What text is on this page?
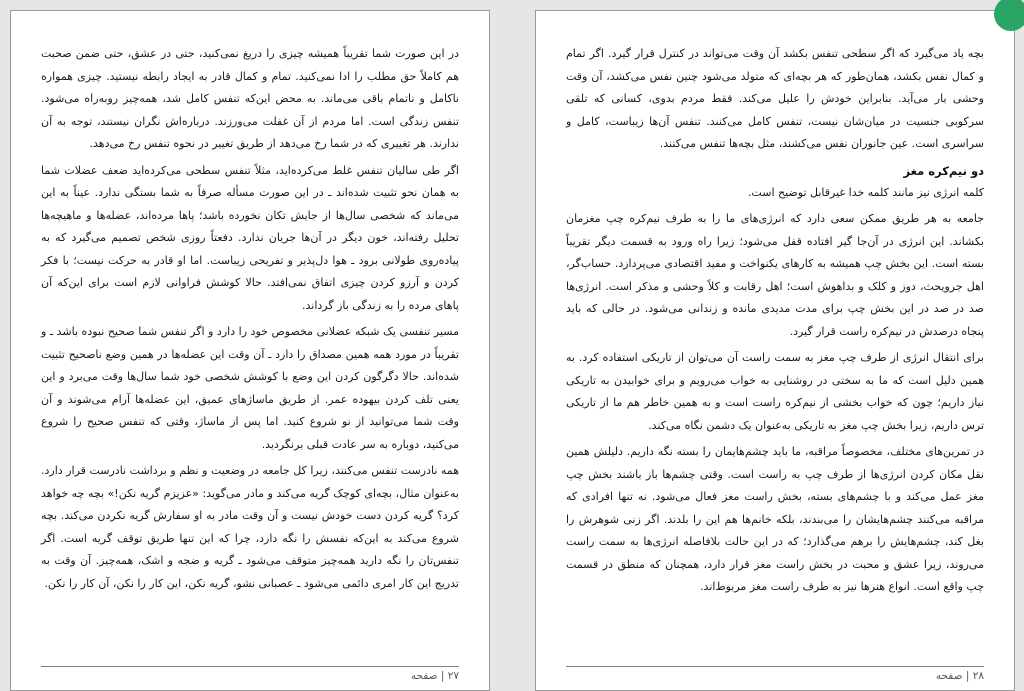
در این صورت شما تقریباً همیشه چیزی را دریغ نمی‌کنید، حتی در عشق، حتی ضمن صحبت هم کاملاً حق مطلب را ادا نمی‌کنید. تمام و کمال قادر به ایجاد رابطه نیستید. چیزی همواره ناکامل و ناتمام باقی می‌ماند. به محض این‌که تنفس کامل شد، همه‌چیز روبه‌راه می‌شود. تنفس زندگی است. اما مردم از آن غفلت می‌ورزند. درباره‌اش نگران نیستند، توجه به آن ندارند. هر تغییری که در شما رخ می‌دهد از طریق تغییر در نحوه تنفس رخ می‌دهد.

اگر طی سالیان تنفس غلط می‌کرده‌اید، مثلاً تنفس سطحی می‌کرده‌اید ضعف عضلات شما به همان نحو تثبیت شده‌اند ـ در این صورت مسأله صرفاً به شما بستگی ندارد. عیناً به این می‌ماند که شخصی سال‌ها از جایش تکان نخورده باشد؛ پاها مرده‌اند، عضله‌ها و ماهیچه‌ها تحلیل رفته‌اند، خون دیگر در آن‌ها جریان ندارد. دفعتاً روزی شخص تصمیم می‌گیرد که به پیاده‌روی طولانی برود ـ هوا دل‌پذیر و تفریحی زیباست. اما او قادر به حرکت نیست؛ با فکر کردن و آرزو کردن چیزی اتفاق نمی‌افتد. حالا کوشش فراوانی لازم است برای این‌که آن پاهای مرده را به زندگی باز گرداند.

مسیر تنفسی یک شبکه عضلانی مخصوص خود را دارد و اگر تنفس شما صحیح نبوده باشد ـ و تقریباً در مورد همه همین مصداق را دارد ـ آن وقت این عضله‌ها در همین وضع ناصحیح تثبیت شده‌اند. حالا دگرگون کردن این وضع با کوشش شخصی خود شما سال‌ها وقت می‌برد و این یعنی تلف کردن بیهوده عمر. از طریق ماساژهای عمیق، این عضله‌ها آرام می‌شوند و آن وقت شما می‌توانید از نو شروع کنید. اما پس از ماساژ، وقتی که تنفس صحیح را شروع می‌کنید، دوباره به سر عادت قبلی برنگردید.

همه نادرست تنفس می‌کنند، زیرا کل جامعه در وضعیت و نظم و برداشت نادرست قرار دارد. به‌عنوان مثال، بچه‌ای کوچک گریه می‌کند و مادر می‌گوید: «عزیزم گریه نکن!» بچه چه خواهد کرد؟ گریه کردن دست خودش نیست و آن وقت مادر به او سفارش گریه نکردن می‌کند. بچه شروع می‌کند به این‌که نفسش را نگه دارد، چرا که این تنها طریق توقف گریه است. اگر تنفس‌تان را نگه دارید همه‌چیز متوقف می‌شود ـ گریه و ضجه و اشک، همه‌چیز. آن وقت به تدریج این کار امری دائمی می‌شود ـ عصبانی نشو، گریه نکن، این کار را نکن، آن کار را نکن.

۲۷ | صفحه

بچه یاد می‌گیرد که اگر سطحی تنفس بکشد آن وقت می‌تواند در کنترل قرار گیرد. اگر تمام و کمال نفس بکشد، همان‌طور که هر بچه‌ای که متولد می‌شود چنین نفس می‌کشد، آن وقت وحشی بار می‌آید. بنابراین خودش را علیل می‌کند. فقط مردم بدوی، کسانی که تلقی سرکوبی جنسیت در میان‌شان نیست، تنفس کامل می‌کنند. تنفس آن‌ها زیباست، کامل و سراسری است. عین جانوران نفس می‌کشند، مثل بچه‌ها تنفس می‌کنند.

دو نیم‌کره مغز

کلمه انرژی نیز مانند کلمه خدا غیرقابل توضیح است.

جامعه به هر طریق ممکن سعی دارد که انرژی‌های ما را به طرف نیم‌کره چپ مغزمان بکشاند. این انرژی در آن‌جا گیر افتاده قفل می‌شود؛ زیرا راه ورود به قسمت دیگر تقریباً بسته است. این بخش چپ همیشه به کارهای یکنواخت و مفید اقتصادی می‌پردازد. حساب‌گر، اهل جرویحث، دوز و کلک و بداهوش است؛ اهل رقابت و کلاً وحشی و مذکر است. انرژی‌ها صد در صد در این بخش چپ برای مدت مدیدی مانده و زندانی می‌شود. در حالی که باید پنجاه درصدش در نیم‌کره راست قرار گیرد.

برای انتقال انرژی از طرف چپ مغز به سمت راست آن می‌توان از تاریکی استفاده کرد. به همین دلیل است که ما به سختی در روشنایی به خواب می‌رویم و برای خوابیدن به تاریکی نیاز داریم؛ چون که خواب بخشی از نیم‌کره راست است و به همین خاطر هم ما از تاریکی ترس داریم، زیرا بخش چپ مغز به تاریکی به‌عنوان یک دشمن نگاه می‌کند.

در تمرین‌های مختلف، مخصوصاً مراقبه، ما باید چشم‌هایمان را بسته نگه داریم. دلیلش همین نقل مکان کردن انرژی‌ها از طرف چپ به راست است. وقتی چشم‌ها باز باشند بخش چپ مغز عمل می‌کند و با چشم‌های بسته، بخش راست مغز فعال می‌شود. نه تنها افرادی که مراقبه می‌کنند چشم‌هایشان را می‌بندند، بلکه خانم‌ها هم این را بلدند. اگر زنی شوهرش را بغل کند، چشم‌هایش را برهم می‌گذارد؛ که در این حالت بلافاصله انرژی‌ها به سمت راست می‌روند، زیرا عشق و محبت در بخش راست مغز قرار دارد، همچنان که منطق در قسمت چپ واقع است. انواع هنرها نیز به طرف راست مغز مربوط‌اند.

۲۸ | صفحه
